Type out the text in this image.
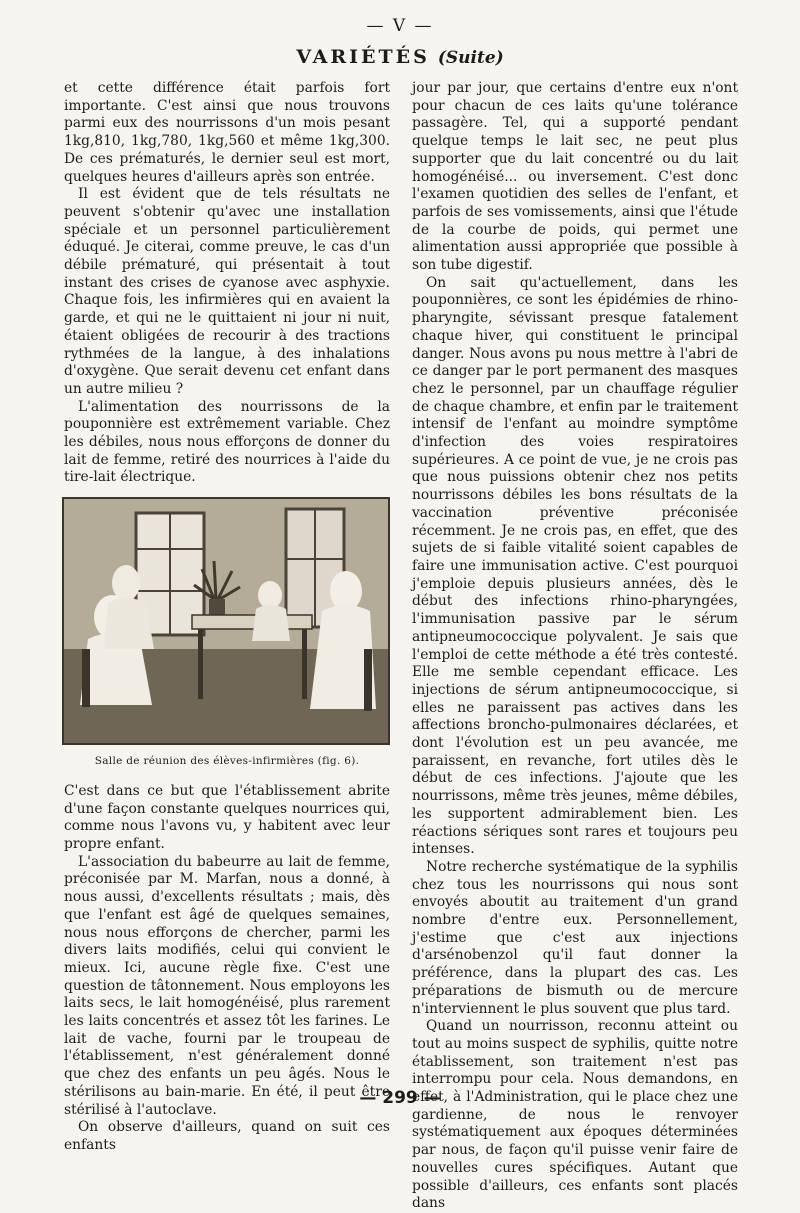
— V —
VARIÉTÉS (Suite)

et cette différence était parfois fort importante. C'est ainsi que nous trouvons parmi eux des nourrissons d'un mois pesant 1kg,810, 1kg,780, 1kg,560 et même 1kg,300. De ces prématurés, le dernier seul est mort, quelques heures d'ailleurs après son entrée.

Il est évident que de tels résultats ne peuvent s'obtenir qu'avec une installation spéciale et un personnel particulièrement éduqué. Je citerai, comme preuve, le cas d'un débile prématuré, qui présentait à tout instant des crises de cyanose avec asphyxie. Chaque fois, les infirmières qui en avaient la garde, et qui ne le quittaient ni jour ni nuit, étaient obligées de recourir à des tractions rythmées de la langue, à des inhalations d'oxygène. Que serait devenu cet enfant dans un autre milieu ?

L'alimentation des nourrissons de la pouponnière est extrêmement variable. Chez les débiles, nous nous efforçons de donner du lait de femme, retiré des nourrices à l'aide du tire-lait électrique.

Salle de réunion des élèves-infirmières (fig. 6).

C'est dans ce but que l'établissement abrite d'une façon constante quelques nourrices qui, comme nous l'avons vu, y habitent avec leur propre enfant.

L'association du babeurre au lait de femme, préconisée par M. Marfan, nous a donné, à nous aussi, d'excellents résultats ; mais, dès que l'enfant est âgé de quelques semaines, nous nous efforçons de chercher, parmi les divers laits modifiés, celui qui convient le mieux. Ici, aucune règle fixe. C'est une question de tâtonnement. Nous employons les laits secs, le lait homogénéisé, plus rarement les laits concentrés et assez tôt les farines. Le lait de vache, fourni par le troupeau de l'établissement, n'est généralement donné que chez des enfants un peu âgés. Nous le stérilisons au bain-marie. En été, il peut être stérilisé à l'autoclave.

On observe d'ailleurs, quand on suit ces enfants

jour par jour, que certains d'entre eux n'ont pour chacun de ces laits qu'une tolérance passagère. Tel, qui a supporté pendant quelque temps le lait sec, ne peut plus supporter que du lait concentré ou du lait homogénéisé... ou inversement. C'est donc l'examen quotidien des selles de l'enfant, et parfois de ses vomissements, ainsi que l'étude de la courbe de poids, qui permet une alimentation aussi appropriée que possible à son tube digestif.

On sait qu'actuellement, dans les pouponnières, ce sont les épidémies de rhino-pharyngite, sévissant presque fatalement chaque hiver, qui constituent le principal danger. Nous avons pu nous mettre à l'abri de ce danger par le port permanent des masques chez le personnel, par un chauffage régulier de chaque chambre, et enfin par le traitement intensif de l'enfant au moindre symptôme d'infection des voies respiratoires supérieures. A ce point de vue, je ne crois pas que nous puissions obtenir chez nos petits nourrissons débiles les bons résultats de la vaccination préventive préconisée récemment. Je ne crois pas, en effet, que des sujets de si faible vitalité soient capables de faire une immunisation active. C'est pourquoi j'emploie depuis plusieurs années, dès le début des infections rhino-pharyngées, l'immunisation passive par le sérum antipneumococcique polyvalent. Je sais que l'emploi de cette méthode a été très contesté. Elle me semble cependant efficace. Les injections de sérum antipneumococcique, si elles ne paraissent pas actives dans les affections broncho-pulmonaires déclarées, et dont l'évolution est un peu avancée, me paraissent, en revanche, fort utiles dès le début de ces infections. J'ajoute que les nourrissons, même très jeunes, même débiles, les supportent admirablement bien. Les réactions sériques sont rares et toujours peu intenses.

Notre recherche systématique de la syphilis chez tous les nourrissons qui nous sont envoyés aboutit au traitement d'un grand nombre d'entre eux. Personnellement, j'estime que c'est aux injections d'arsénobenzol qu'il faut donner la préférence, dans la plupart des cas. Les préparations de bismuth ou de mercure n'interviennent le plus souvent que plus tard.

Quand un nourrisson, reconnu atteint ou tout au moins suspect de syphilis, quitte notre établissement, son traitement n'est pas interrompu pour cela. Nous demandons, en effet, à l'Administration, qui le place chez une gardienne, de nous le renvoyer systématiquement aux époques déterminées par nous, de façon qu'il puisse venir faire de nouvelles cures spécifiques. Autant que possible d'ailleurs, ces enfants sont placés dans

— 299 —
